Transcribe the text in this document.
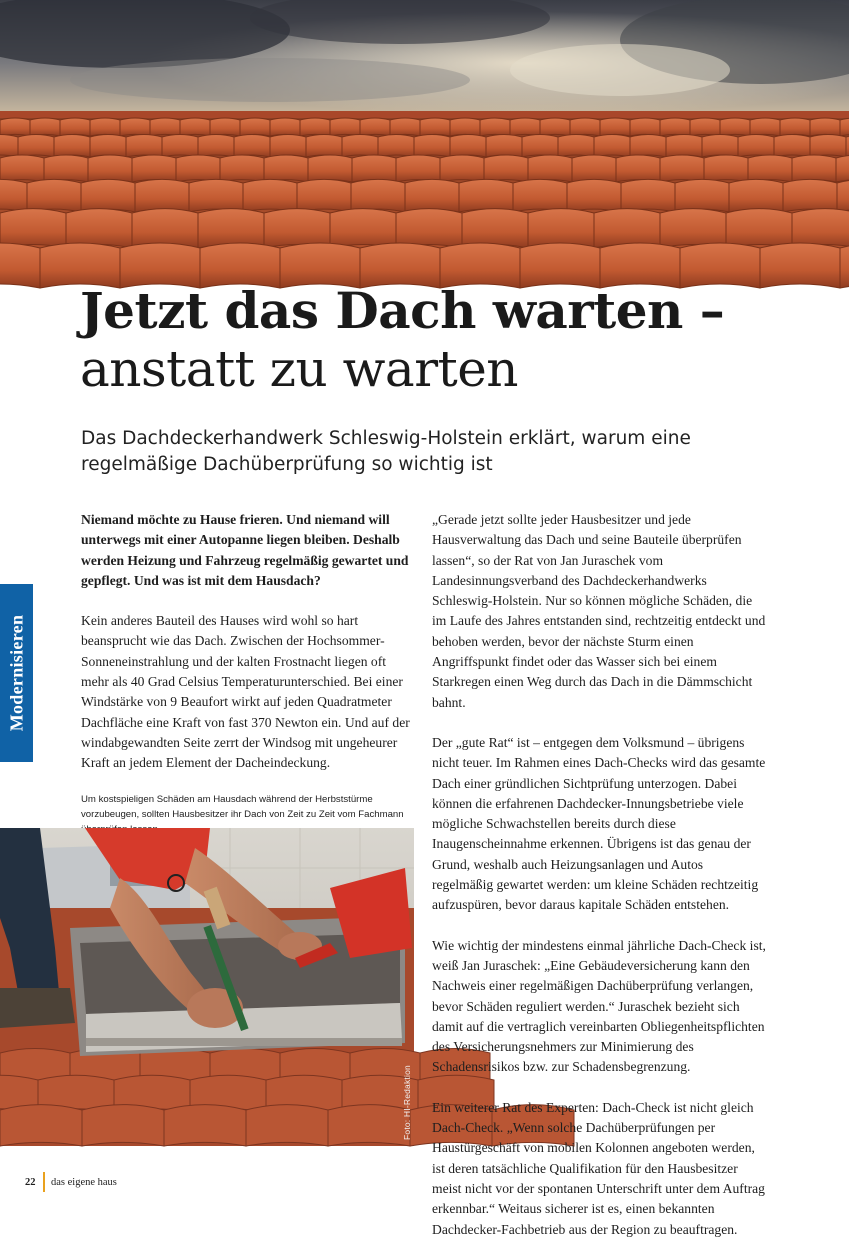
Jetzt das Dach warten –
anstatt zu warten
Das Dachdeckerhandwerk Schleswig-Holstein erklärt, warum eine regelmäßige Dachüberprüfung so wichtig ist
Modernisieren

Niemand möchte zu Hause frieren. Und niemand will unterwegs mit einer Autopanne liegen bleiben. Deshalb werden Heizung und Fahrzeug regelmäßig gewartet und gepflegt. Und was ist mit dem Hausdach?

Kein anderes Bauteil des Hauses wird wohl so hart beansprucht wie das Dach. Zwischen der Hochsommer-Sonneneinstrahlung und der kalten Frostnacht liegen oft mehr als 40 Grad Celsius Temperaturunterschied. Bei einer Windstärke von 9 Beaufort wirkt auf jeden Quadratmeter Dachfläche eine Kraft von fast 370 Newton ein. Und auf der windabgewandten Seite zerrt der Windsog mit ungeheurer Kraft an jedem Element der Dacheindeckung.

Um kostspieligen Schäden am Hausdach während der Herbststürme vorzubeugen, sollten Hausbesitzer ihr Dach von Zeit zu Zeit vom Fachmann

Foto: HI-Redaktion

„Gerade jetzt sollte jeder Hausbesitzer und jede Hausverwaltung das Dach und seine Bauteile überprüfen lassen“, so der Rat von Jan Juraschek vom Landesinnungsverband des Dachdeckerhandwerks Schleswig-Holstein. Nur so können mögliche Schäden, die im Laufe des Jahres entstanden sind, rechtzeitig entdeckt und behoben werden, bevor der nächste Sturm einen Angriffspunkt findet oder das Wasser sich bei einem Starkregen einen Weg durch das Dach in die Dämmschicht bahnt.

Der „gute Rat“ ist – entgegen dem Volksmund – übrigens nicht teuer. Im Rahmen eines Dach-Checks wird das gesamte Dach einer gründlichen Sichtprüfung unterzogen. Dabei können die erfahrenen Dachdecker-Innungsbetriebe viele mögliche Schwachstellen bereits durch diese Inaugenscheinnahme erkennen. Übrigens ist das genau der Grund, weshalb auch Heizungsanlagen und Autos regelmäßig gewartet werden: um kleine Schäden rechtzeitig aufzuspüren, bevor daraus kapitale Schäden entstehen.

Wie wichtig der mindestens einmal jährliche Dach-Check ist, weiß Jan Juraschek: „Eine Gebäudeversicherung kann den Nachweis einer regelmäßigen Dachüberprüfung verlangen, bevor Schäden reguliert werden.“ Juraschek bezieht sich damit auf die vertraglich vereinbarten Obliegenheitspflichten des Versicherungsnehmers zur Minimierung des Schadensrisikos bzw. zur Schadensbegrenzung.

Ein weiterer Rat des Experten: Dach-Check ist nicht gleich Dach-Check. „Wenn solche Dachüberprüfungen per Haustürgeschäft von mobilen Kolonnen angeboten werden, ist deren tatsächliche Qualifikation für den Hausbesitzer meist nicht vor der spontanen Unterschrift unter dem Auftrag erkennbar.“ Weitaus sicherer ist es, einen bekannten Dachdecker-Fachbetrieb aus der Region zu beauftragen.

22 das eigene haus
